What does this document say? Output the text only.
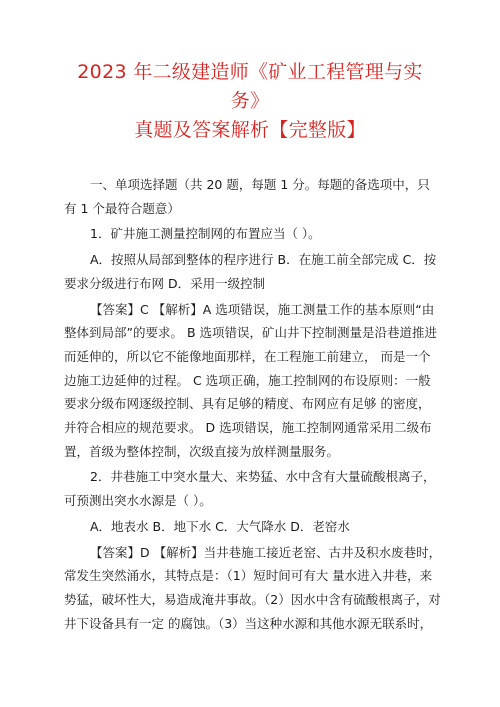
2023 年二级建造师《矿业工程管理与实务》
真题及答案解析【完整版】

一、单项选择题（共 20 题，每题 1 分。每题的备选项中，只
有 1 个最符合题意）

1．矿井施工测量控制网的布置应当（ ）。

A．按照从局部到整体的程序进行 B．在施工前全部完成 C．按
要求分级进行布网 D．采用一级控制

【答案】C 【解析】A 选项错误，施工测量工作的基本原则“由
整体到局部”的要求。 B 选项错误，矿山井下控制测量是沿巷道推进
而延伸的，所以它不能像地面那样，在工程施工前建立， 而是一个
边施工边延伸的过程。 C 选项正确，施工控制网的布设原则：一般
要求分级布网逐级控制、具有足够的精度、布网应有足够 的密度，
并符合相应的规范要求。 D 选项错误，施工控制网通常采用二级布
置，首级为整体控制，次级直接为放样测量服务。

2．井巷施工中突水量大、来势猛、水中含有大量硫酸根离子，
可预测出突水水源是（ ）。

A．地表水 B．地下水 C．大气降水 D．老窑水

【答案】D 【解析】当井巷施工接近老窑、古井及积水废巷时，
常发生突然涌水，其特点是：（1）短时间可有大 量水进入井巷，来
势猛，破坏性大，易造成淹井事故。（2）因水中含有硫酸根离子，对
井下设备具有一定 的腐蚀。（3）当这种水源和其他水源无联系时，
